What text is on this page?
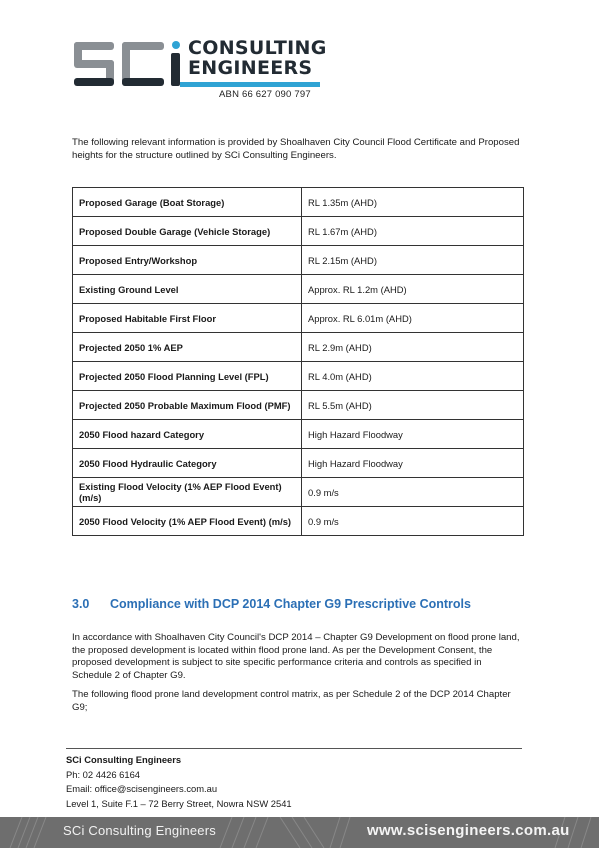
CONSULTING
ENGINEERS
ABN 66 627 090 797
The following relevant information is provided by Shoalhaven City Council Flood Certificate and Proposed heights for the structure outlined by SCi Consulting Engineers.
Proposed Garage (Boat Storage)	RL 1.35m (AHD)
Proposed Double Garage (Vehicle Storage)	RL 1.67m (AHD)
Proposed Entry/Workshop	RL 2.15m (AHD)
Existing Ground Level	Approx. RL 1.2m (AHD)
Proposed Habitable First Floor	Approx. RL 6.01m (AHD)
Projected 2050 1% AEP	RL 2.9m (AHD)
Projected 2050 Flood Planning Level (FPL)	RL 4.0m (AHD)
Projected 2050 Probable Maximum Flood (PMF)	RL 5.5m (AHD)
2050 Flood hazard Category	High Hazard Floodway
2050 Flood Hydraulic Category	High Hazard Floodway
Existing Flood Velocity (1% AEP Flood Event) (m/s)	0.9 m/s
2050 Flood Velocity (1% AEP Flood Event) (m/s)	0.9 m/s
3.0 Compliance with DCP 2014 Chapter G9 Prescriptive Controls
In accordance with Shoalhaven City Council's DCP 2014 – Chapter G9 Development on flood prone land, the proposed development is located within flood prone land. As per the Development Consent, the proposed development is subject to site specific performance criteria and controls as specified in Schedule 2 of Chapter G9.
The following flood prone land development control matrix, as per Schedule 2 of the DCP 2014 Chapter G9;
SCi Consulting Engineers
Ph: 02 4426 6164
Email: office@scisengineers.com.au
Level 1, Suite F.1 – 72 Berry Street, Nowra NSW 2541
SCi Consulting Engineers	www.scisengineers.com.au
